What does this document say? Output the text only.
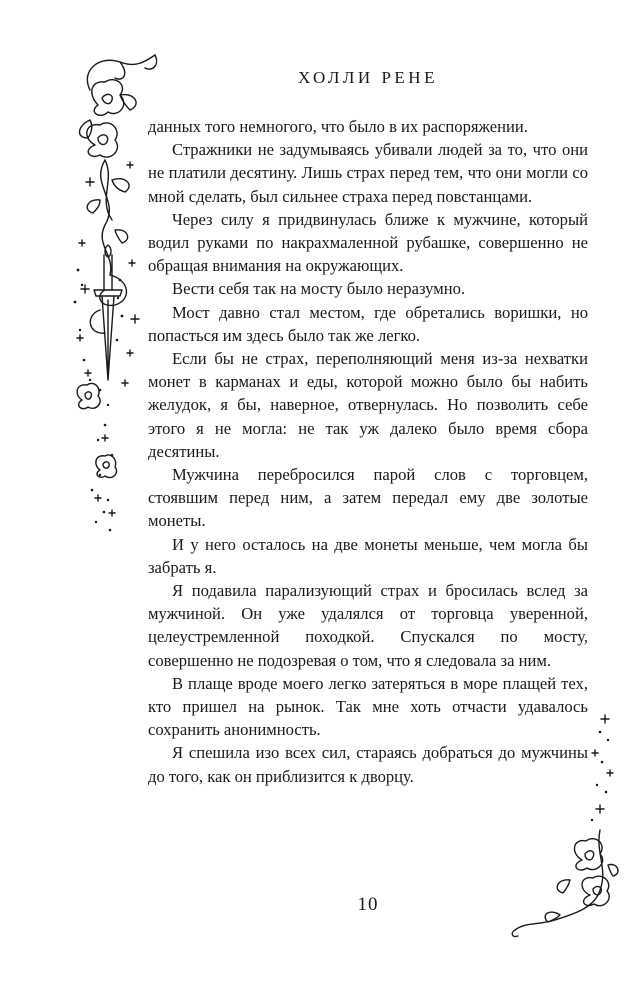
ХОЛЛИ РЕНЕ

данных того немногого, что было в их распоряжении.

Стражники не задумываясь убивали людей за то, что они не платили десятину. Лишь страх перед тем, что они могли со мной сделать, был сильнее страха перед повстанцами.

Через силу я придвинулась ближе к мужчине, который водил руками по накрахмаленной рубашке, совершенно не обращая внимания на окружающих.

Вести себя так на мосту было неразумно.

Мост давно стал местом, где обретались воришки, но попасться им здесь было так же легко.

Если бы не страх, переполняющий меня из-за нехватки монет в карманах и еды, которой можно было бы набить желудок, я бы, наверное, отвернулась. Но позволить себе этого я не могла: не так уж далеко было время сбора десятины.

Мужчина перебросился парой слов с торговцем, стоявшим перед ним, а затем передал ему две золотые монеты.

И у него осталось на две монеты меньше, чем могла бы забрать я.

Я подавила парализующий страх и бросилась вслед за мужчиной. Он уже удалялся от торговца уверенной, целеустремленной походкой. Спускался по мосту, совершенно не подозревая о том, что я следовала за ним.

В плаще вроде моего легко затеряться в море плащей тех, кто пришел на рынок. Так мне хоть отчасти удавалось сохранить анонимность.

Я спешила изо всех сил, стараясь добраться до мужчины до того, как он приблизится к дворцу.

10
